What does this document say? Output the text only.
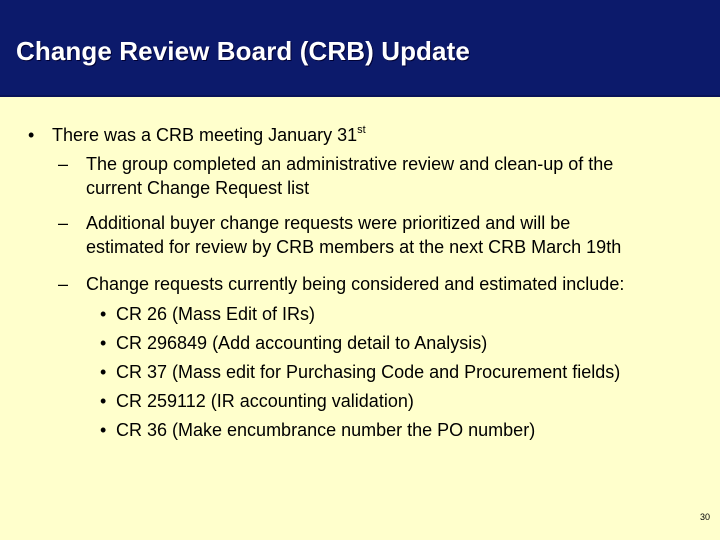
Change Review Board (CRB) Update
• There was a CRB meeting January 31st
– The group completed an administrative review and clean-up of the
current Change Request list
– Additional buyer change requests were prioritized and will be
estimated for review by CRB members at the next CRB March 19th
– Change requests currently being considered and estimated include:
• CR 26 (Mass Edit of IRs)
• CR 296849 (Add accounting detail to Analysis)
• CR 37 (Mass edit for Purchasing Code and Procurement fields)
• CR 259112 (IR accounting validation)
• CR 36 (Make encumbrance number the PO number)
30
